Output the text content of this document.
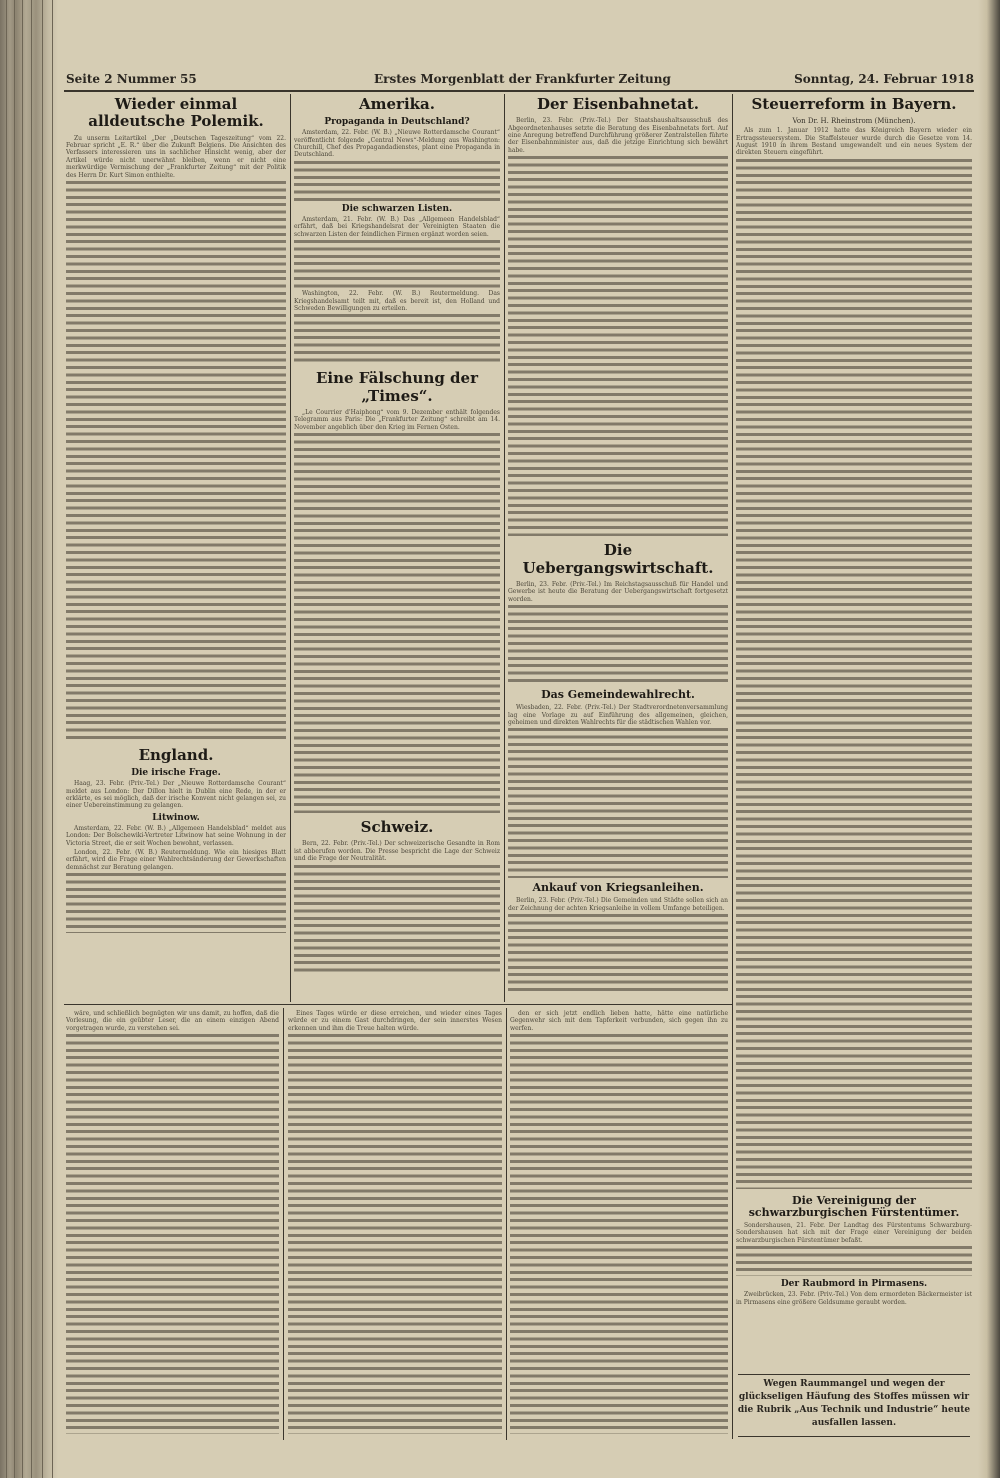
Seite 2 Nummer 55	Erstes Morgenblatt der Frankfurter Zeitung	Sonntag, 24. Februar 1918
Wieder einmal alldeutsche Polemik.

Zu unserm Leitartikel „Der „Deutschen Tageszeitung“ vom 22. Februar spricht „E. R.“ über die Zukunft Belgiens. Die Ansichten des Verfassers interessieren uns in sachlicher Hinsicht wenig, aber der Artikel würde nicht unerwähnt bleiben, wenn er nicht eine merkwürdige Vermischung der „Frankfurter Zeitung“ mit der Politik des Herrn Dr. Kurt Simon enthielte.

England.
Die irische Frage.

Haag, 23. Febr. (Priv.-Tel.) Der „Nieuwe Rotterdamsche Courant“ meldet aus London: Der Dillon hielt in Dublin eine Rede, in der er erklärte, es sei möglich, daß der irische Konvent nicht gelangen sei, zu einer Uebereinstimmung zu gelangen.

Litwinow.

Amsterdam, 22. Febr. (W. B.) „Allgemeen Handelsblad“ meldet aus London: Der Bolschewiki-Vertreter Litwinow hat seine Wohnung in der Victoria Street, die er seit Wochen bewohnt, verlassen.

London, 22. Febr. (W. B.) Reutermeldung. Wie ein hiesiges Blatt erfährt, wird die Frage einer Wahlrechtsänderung der Gewerkschaften demnächst zur Beratung gelangen.

Amerika.
Propaganda in Deutschland?

Amsterdam, 22. Febr. (W. B.) „Nieuwe Rotterdamsche Courant“ veröffentlicht folgende „Central News“-Meldung aus Washington: Churchill, Chef des Propagandadienstes, plant eine Propaganda in Deutschland.

Die schwarzen Listen.

Amsterdam, 21. Febr. (W. B.) Das „Allgemeen Handelsblad“ erfährt, daß bei Kriegshandelsrat der Vereinigten Staaten die schwarzen Listen der feindlichen Firmen ergänzt worden seien.

Washington, 22. Febr. (W. B.) Reutermeldung. Das Kriegshandelsamt teilt mit, daß es bereit ist, den Holland und Schweden Bewilligungen zu erteilen.

Eine Fälschung der „Times“.

„Le Courrier d'Haiphong“ vom 9. Dezember enthält folgendes Telegramm aus Paris: Die „Frankfurter Zeitung“ schreibt am 14. November angeblich über den Krieg im Fernen Osten.

Schweiz.

Bern, 22. Febr. (Priv.-Tel.) Der schweizerische Gesandte in Rom ist abberufen worden. Die Presse bespricht die Lage der Schweiz und die Frage der Neutralität.

Der Eisenbahnetat.

Berlin, 23. Febr. (Priv.-Tel.) Der Staatshaushaltsausschuß des Abgeordnetenhauses setzte die Beratung des Eisenbahnetats fort. Auf eine Anregung betreffend Durchführung größerer Zentralstellen führte der Eisenbahnminister aus, daß die jetzige Einrichtung sich bewährt habe.

Die Uebergangswirtschaft.

Berlin, 23. Febr. (Priv.-Tel.) Im Reichstagsausschuß für Handel und Gewerbe ist heute die Beratung der Uebergangswirtschaft fortgesetzt worden.

Das Gemeindewahlrecht.

Wiesbaden, 22. Febr. (Priv.-Tel.) Der Stadtverordnetenversammlung lag eine Vorlage zu auf Einführung des allgemeinen, gleichen, geheimen und direkten Wahlrechts für die städtischen Wahlen vor.

Ankauf von Kriegsanleihen.

Berlin, 23. Febr. (Priv.-Tel.) Die Gemeinden und Städte sollen sich an der Zeichnung der achten Kriegsanleihe in vollem Umfange beteiligen.

Steuerreform in Bayern.
Von Dr. H. Rheinstrom (München).

Als zum 1. Januar 1912 hatte das Königreich Bayern wieder ein Ertragssteuersystem. Die Staffelsteuer wurde durch die Gesetze vom 14. August 1910 in ihrem Bestand umgewandelt und ein neues System der direkten Steuern eingeführt.

Die Vereinigung der schwarzburgischen Fürstentümer.

Sondershausen, 21. Febr. Der Landtag des Fürstentums Schwarzburg-Sondershausen hat sich mit der Frage einer Vereinigung der beiden schwarzburgischen Fürstentümer befaßt.

Der Raubmord in Pirmasens.

Zweibrücken, 23. Febr. (Priv.-Tel.) Von dem ermordeten Bäckermeister ist in Pirmasens eine größere Geldsumme geraubt worden.

Wegen Raummangel und wegen der glückseligen Häufung des Stoffes müssen wir die Rubrik „Aus Technik und Industrie“ heute ausfallen lassen.

wäre, und schließlich begnügten wir uns damit, zu hoffen, daß die Vorlesung, die ein geübter Leser, die an einem einzigen Abend vorgetragen wurde, zu verstehen sei.

Eines Tages würde er diese erreichen, und wieder eines Tages würde er zu einem Gast durchdringen, der sein innerstes Wesen erkennen und ihm die Treue halten würde.

den er sich jetzt endlich lieben hatte, hätte eine natürliche Gegenwehr sich mit dem Tapferkeit verbunden, sich gegen ihn zu werfen.
